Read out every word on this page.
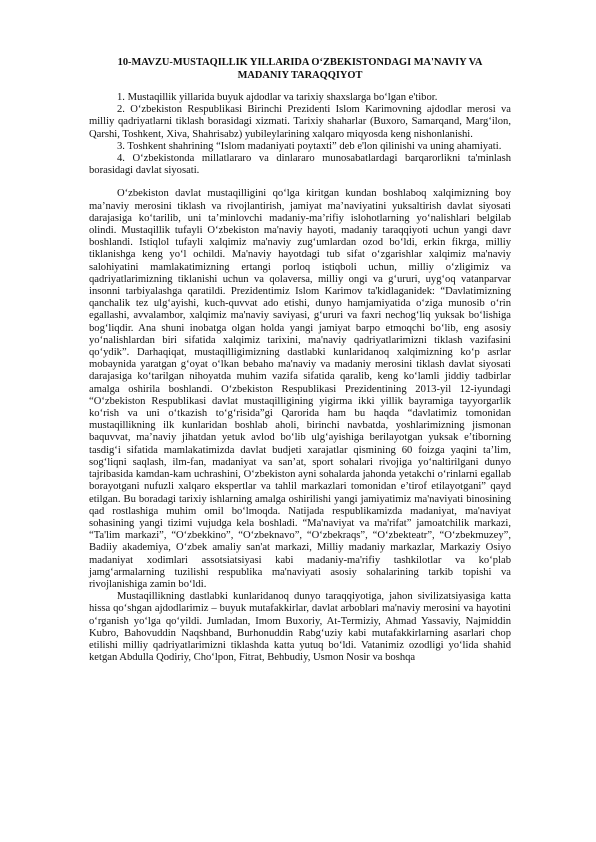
10-MAVZU-MUSTAQILLIK YILLARIDA O‘ZBEKISTONDAGI MA'NAVIY VA MADANIY TARAQQIYOT

1. Mustaqillik yillarida buyuk ajdodlar va tarixiy shaxslarga bo‘lgan e'tibor.

2. O‘zbekiston Respublikasi Birinchi Prezidenti Islom Karimovning ajdodlar merosi va milliy qadriyatlarni tiklash borasidagi xizmati. Tarixiy shaharlar (Buxoro, Samarqand, Marg‘ilon, Qarshi, Toshkent, Xiva, Shahrisabz) yubileylarining xalqaro miqyosda keng nishonlanishi.

3. Toshkent shahrining “Islom madaniyati poytaxti” deb e'lon qilinishi va uning ahamiyati.

4. O‘zbekistonda millatlararo va dinlararo munosabatlardagi barqarorlikni ta'minlash borasidagi davlat siyosati.

O‘zbekiston davlat mustaqilligini qo‘lga kiritgan kundan boshlaboq xalqimizning boy ma’naviy merosini tiklash va rivojlantirish, jamiyat ma’naviyatini yuksaltirish davlat siyosati darajasiga ko‘tarilib, uni ta’minlovchi madaniy-ma’rifiy islohotlarning yo‘nalishlari belgilab olindi. Mustaqillik tufayli O‘zbekiston ma'naviy hayoti, madaniy taraqqiyoti uchun yangi davr boshlandi. Istiqlol tufayli xalqimiz ma'naviy zug‘umlardan ozod bo‘ldi, erkin fikrga, milliy tiklanishga keng yo‘l ochildi. Ma'naviy hayotdagi tub sifat o‘zgarishlar xalqimiz ma'naviy salohiyatini mamlakatimizning ertangi porloq istiqboli uchun, milliy o‘zligimiz va qadriyatlarimizning tiklanishi uchun va qolaversa, milliy ongi va g‘ururi, uyg‘oq vatanparvar insonni tarbiyalashga qaratildi. Prezidentimiz Islom Karimov ta'kidlaganidek: “Davlatimizning qanchalik tez ulg‘ayishi, kuch-quvvat ado etishi, dunyo hamjamiyatida o‘ziga munosib o‘rin egallashi, avvalambor, xalqimiz ma'naviy saviyasi, g‘ururi va faxri nechog‘liq yuksak bo‘lishiga bog‘liqdir. Ana shuni inobatga olgan holda yangi jamiyat barpo etmoqchi bo‘lib, eng asosiy yo‘nalishlardan biri sifatida xalqimiz tarixini, ma'naviy qadriyatlarimizni tiklash vazifasini qo‘ydik”. Darhaqiqat, mustaqilligimizning dastlabki kunlaridanoq xalqimizning ko‘p asrlar mobaynida yaratgan g‘oyat o‘lkan bebaho ma'naviy va madaniy merosini tiklash davlat siyosati darajasiga ko‘tarilgan nihoyatda muhim vazifa sifatida qaralib, keng ko‘lamli jiddiy tadbirlar amalga oshirila boshlandi. O‘zbekiston Respublikasi Prezidentining 2013-yil 12-iyundagi “O‘zbekiston Respublikasi davlat mustaqilligining yigirma ikki yillik bayramiga tayyorgarlik ko‘rish va uni o‘tkazish to‘g‘risida”gi Qarorida ham bu haqda “davlatimiz tomonidan mustaqillikning ilk kunlaridan boshlab aholi, birinchi navbatda, yoshlarimizning jismonan baquvvat, ma’naviy jihatdan yetuk avlod bo‘lib ulg‘ayishiga berilayotgan yuksak e’tiborning tasdig‘i sifatida mamlakatimizda davlat budjeti xarajatlar qismining 60 foizga yaqini ta’lim, sog‘liqni saqlash, ilm-fan, madaniyat va san’at, sport sohalari rivojiga yo‘naltirilgani dunyo tajribasida kamdan-kam uchrashini, O‘zbekiston ayni sohalarda jahonda yetakchi o‘rinlarni egallab borayotgani nufuzli xalqaro ekspertlar va tahlil markazlari tomonidan e’tirof etilayotgani” qayd etilgan. Bu boradagi tarixiy ishlarning amalga oshirilishi yangi jamiyatimiz ma'naviyati binosining qad rostlashiga muhim omil bo‘lmoqda. Natijada respublikamizda madaniyat, ma'naviyat sohasining yangi tizimi vujudga kela boshladi. “Ma'naviyat va ma'rifat” jamoatchilik markazi, “Ta'lim markazi”, “O‘zbekkino”, “O‘zbeknavo”, “O‘zbekraqs”, “O‘zbekteatr”, “O‘zbekmuzey”, Badiiy akademiya, O‘zbek amaliy san'at markazi, Milliy madaniy markazlar, Markaziy Osiyo madaniyat xodimlari assotsiatsiyasi kabi madaniy-ma'rifiy tashkilotlar va ko‘plab jamg‘armalarning tuzilishi respublika ma'naviyati asosiy sohalarining tarkib topishi va rivojlanishiga zamin bo‘ldi.

Mustaqillikning dastlabki kunlaridanoq dunyo taraqqiyotiga, jahon sivilizatsiyasiga katta hissa qo‘shgan ajdodlarimiz – buyuk mutafakkirlar, davlat arboblari ma'naviy merosini va hayotini o‘rganish yo‘lga qo‘yildi. Jumladan, Imom Buxoriy, At-Termiziy, Ahmad Yassaviy, Najmiddin Kubro, Bahovuddin Naqshband, Burhonuddin Rabg‘uziy kabi mutafakkirlarning asarlari chop etilishi milliy qadriyatlarimizni tiklashda katta yutuq bo‘ldi. Vatanimiz ozodligi yo‘lida shahid ketgan Abdulla Qodiriy, Cho‘lpon, Fitrat, Behbudiy, Usmon Nosir va boshqa
